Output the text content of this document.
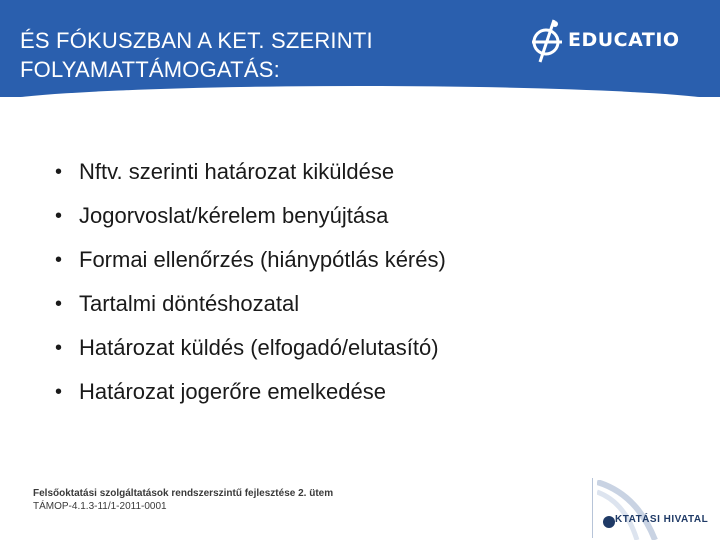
ÉS FÓKUSZBAN A KET. SZERINTI
FOLYAMATTÁMOGATÁS:
EDUCATIO
• Nftv. szerinti határozat kiküldése
• Jogorvoslat/kérelem benyújtása
• Formai ellenőrzés (hiánypótlás kérés)
• Tartalmi döntéshozatal
• Határozat küldés (elfogadó/elutasító)
• Határozat jogerőre emelkedése
Felsőoktatási szolgáltatások rendszerszintű fejlesztése 2. ütem
TÁMOP-4.1.3-11/1-2011-0001
KTATÁSI HIVATAL
